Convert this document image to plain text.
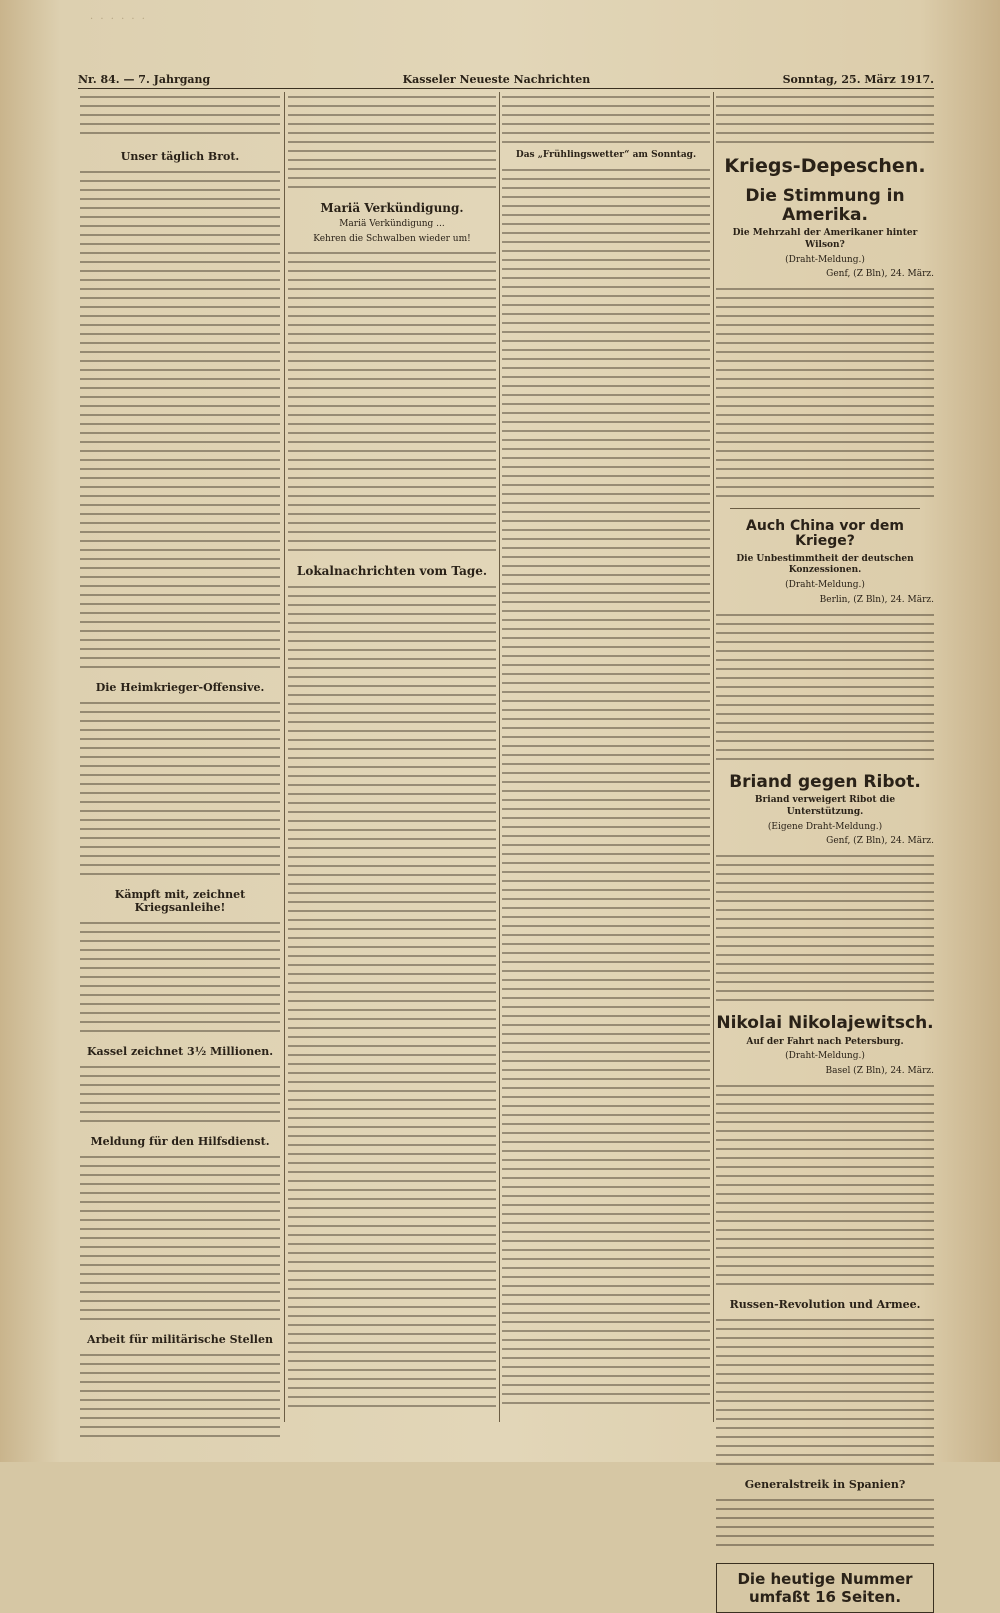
· · · · · ·
Nr. 84. — 7. Jahrgang	Kasseler Neueste Nachrichten	Sonntag, 25. März 1917.
Unser täglich Brot.
Die Heimkrieger-Offensive.
Kämpft mit, zeichnet Kriegsanleihe!
Kassel zeichnet 3½ Millionen.
Meldung für den Hilfsdienst.
Arbeit für militärische Stellen
Mariä Verkündigung.
Mariä Verkündigung ...
Kehren die Schwalben wieder um!
Lokalnachrichten vom Tage.
Das „Frühlingswetter“ am Sonntag.	Kriegs-Depeschen.
Die Stimmung in Amerika.
Die Mehrzahl der Amerikaner hinter Wilson?
(Draht-Meldung.)
Genf, (Z Bln), 24. März.
Auch China vor dem Kriege?
Die Unbestimmtheit der deutschen Konzessionen.
(Draht-Meldung.)
Berlin, (Z Bln), 24. März.
Briand gegen Ribot.
Briand verweigert Ribot die Unterstützung.
(Eigene Draht-Meldung.)
Genf, (Z Bln), 24. März.
Nikolai Nikolajewitsch.
Auf der Fahrt nach Petersburg.
(Draht-Meldung.)
Basel (Z Bln), 24. März.
Russen-Revolution und Armee.
Generalstreik in Spanien?
Die heutige Nummer umfaßt 16 Seiten.
